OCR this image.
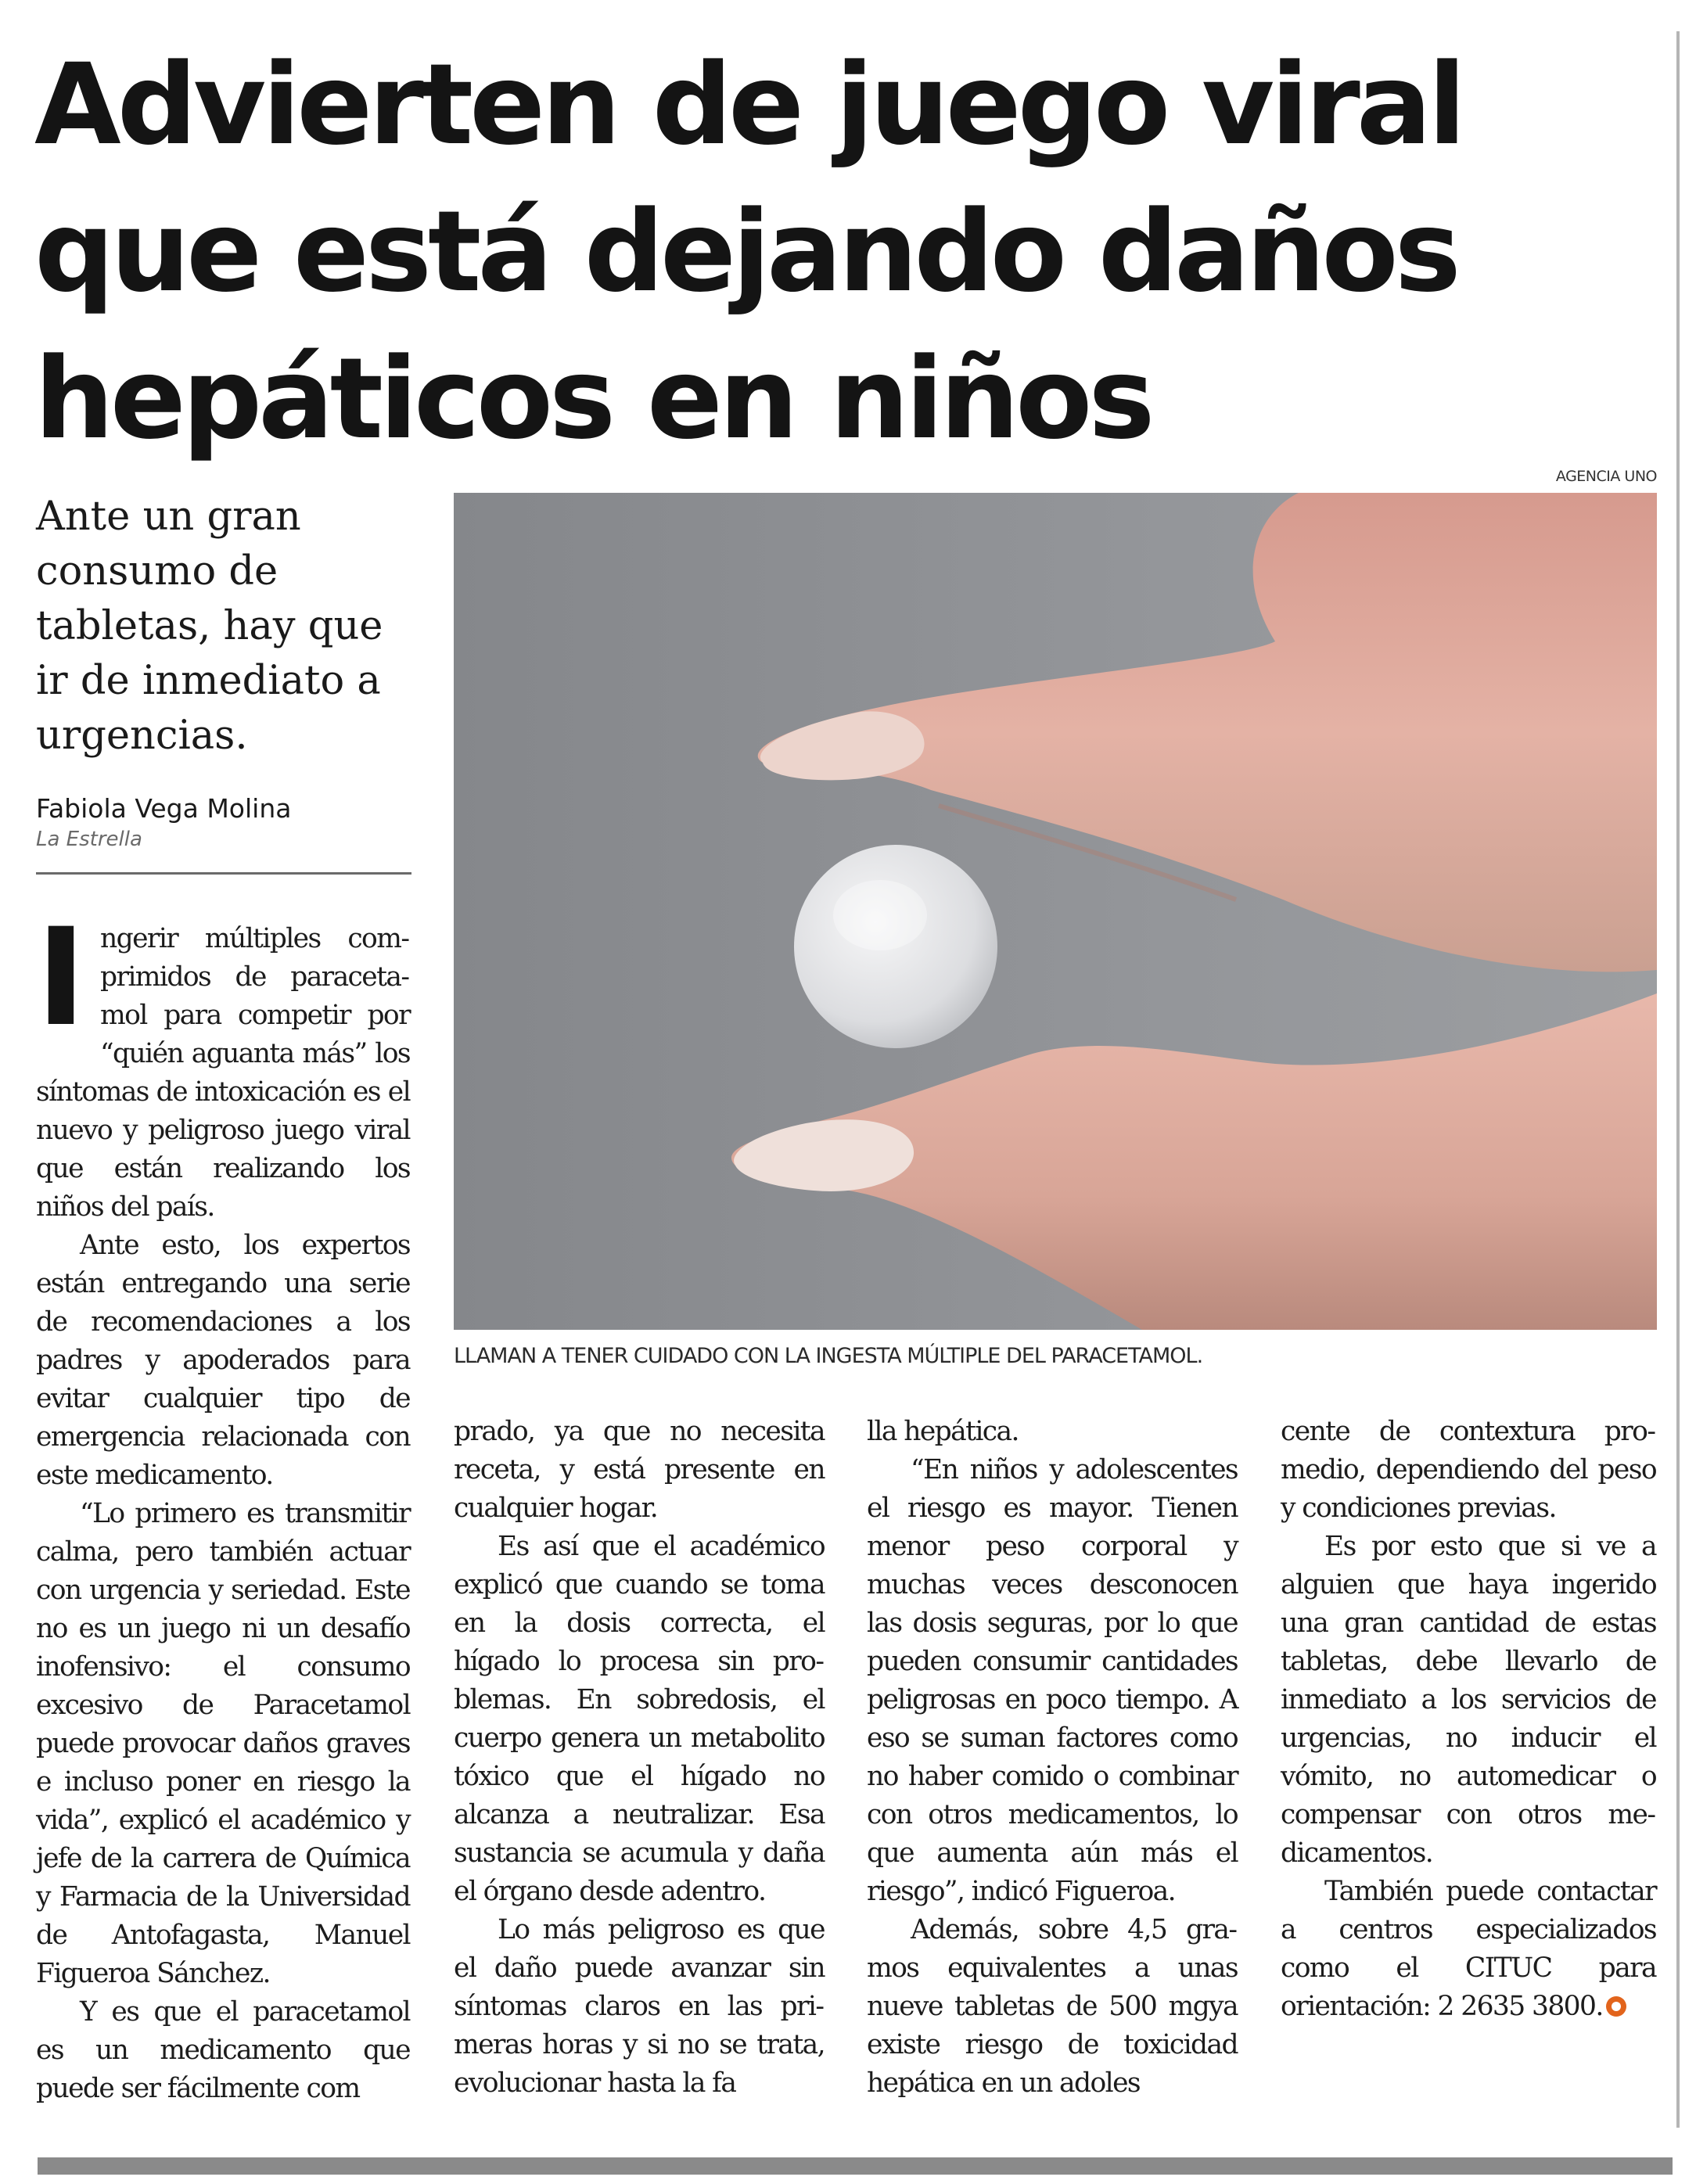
Advierten de juego viral
que está dejando daños
hepáticos en niños
Ante un gran
consumo de
tabletas, hay que
ir de inmediato a
urgencias.
Fabiola Vega Molina
La Estrella
AGENCIA UNO
LLAMAN A TENER CUIDADO CON LA INGESTA MÚLTIPLE DEL PARACETAMOL.

Ingerir múltiples comprimidos de paracetamol para competir por “quién aguanta más” los síntomas de intoxicación es el nuevo y peligroso juego viral que están realizando los niños del país.

Ante esto, los expertos están entregando una serie de recomendaciones a los padres y apoderados para evitar cualquier tipo de emergencia relacionada con este medicamento.

“Lo primero es transmitir calma, pero también actuar con urgencia y seriedad. Este no es un juego ni un desafío inofensivo: el consumo excesivo de Paracetamol puede provocar daños graves e incluso poner en riesgo la vida”, explicó el académico y jefe de la carrera de Química y Farmacia de la Universidad de Antofagasta, Manuel Figueroa Sánchez.

Y es que el paracetamol es un medicamento que puede ser fácilmente com

prado, ya que no necesita receta, y está presente en cualquier hogar.

Es así que el académico explicó que cuando se toma en la dosis correcta, el hígado lo procesa sin problemas. En sobredosis, el cuerpo genera un metabolito tóxico que el hígado no alcanza a neutralizar. Esa sustancia se acumula y daña el órgano desde adentro.

Lo más peligroso es que el daño puede avanzar sin síntomas claros en las primeras horas y si no se trata, evolucionar hasta la fa

lla hepática.

“En niños y adolescentes el riesgo es mayor. Tienen menor peso corporal y muchas veces desconocen las dosis seguras, por lo que pueden consumir cantidades peligrosas en poco tiempo. A eso se suman factores como no haber comido o combinar con otros medicamentos, lo que aumenta aún más el riesgo”, indicó Figueroa.

Además, sobre 4,5 gramos equivalentes a unas nueve tabletas de 500 mgya existe riesgo de toxicidad hepática en un adoles

cente de contextura promedio, dependiendo del peso y condiciones previas.

Es por esto que si ve a alguien que haya ingerido una gran cantidad de estas tabletas, debe llevarlo de inmediato a los servicios de urgencias, no inducir el vómito, no automedicar o compensar con otros medicamentos.

También puede contactar a centros especializados como el CITUC para orientación: 2 2635 3800.
